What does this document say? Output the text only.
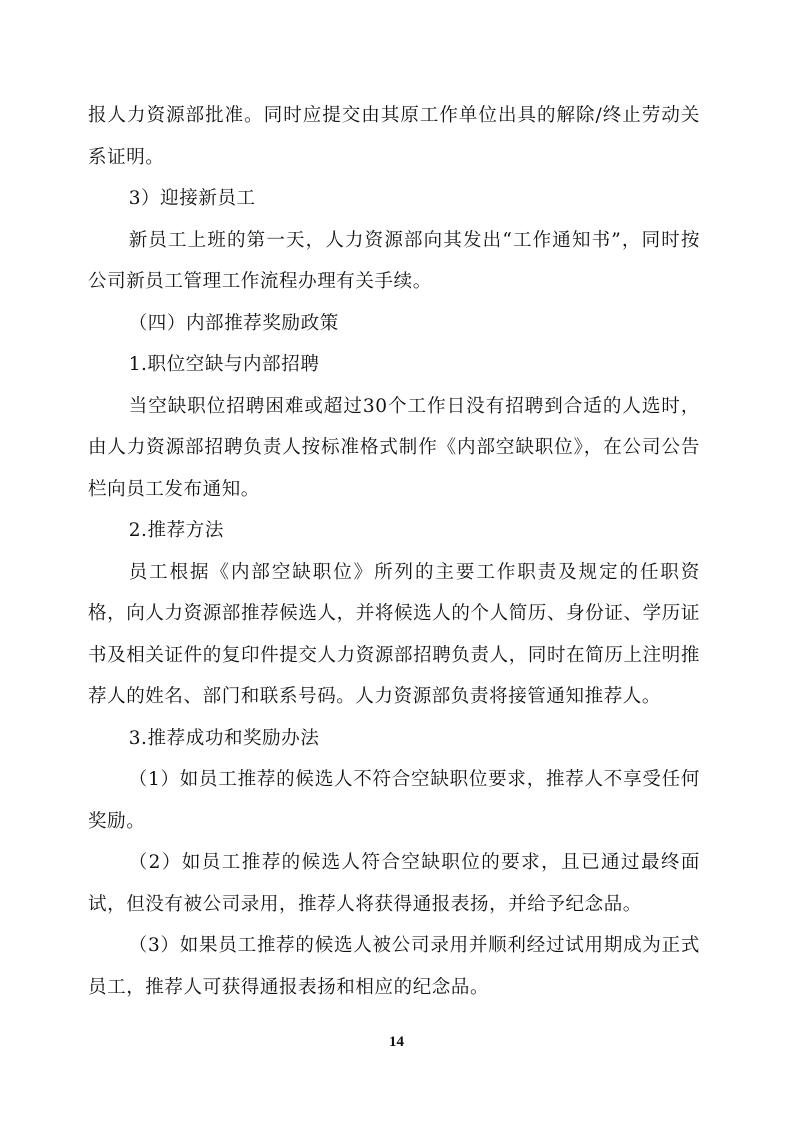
报人力资源部批准。同时应提交由其原工作单位出具的解除/终止劳动关系证明。

3）迎接新员工

新员工上班的第一天，人力资源部向其发出“工作通知书”，同时按公司新员工管理工作流程办理有关手续。

（四）内部推荐奖励政策

1.职位空缺与内部招聘

当空缺职位招聘困难或超过30个工作日没有招聘到合适的人选时，由人力资源部招聘负责人按标准格式制作《内部空缺职位》，在公司公告栏向员工发布通知。

2.推荐方法

员工根据《内部空缺职位》所列的主要工作职责及规定的任职资格，向人力资源部推荐候选人，并将候选人的个人简历、身份证、学历证书及相关证件的复印件提交人力资源部招聘负责人，同时在简历上注明推荐人的姓名、部门和联系号码。人力资源部负责将接管通知推荐人。

3.推荐成功和奖励办法

（1）如员工推荐的候选人不符合空缺职位要求，推荐人不享受任何奖励。

（2）如员工推荐的候选人符合空缺职位的要求，且已通过最终面试，但没有被公司录用，推荐人将获得通报表扬，并给予纪念品。

（3）如果员工推荐的候选人被公司录用并顺利经过试用期成为正式员工，推荐人可获得通报表扬和相应的纪念品。

14
